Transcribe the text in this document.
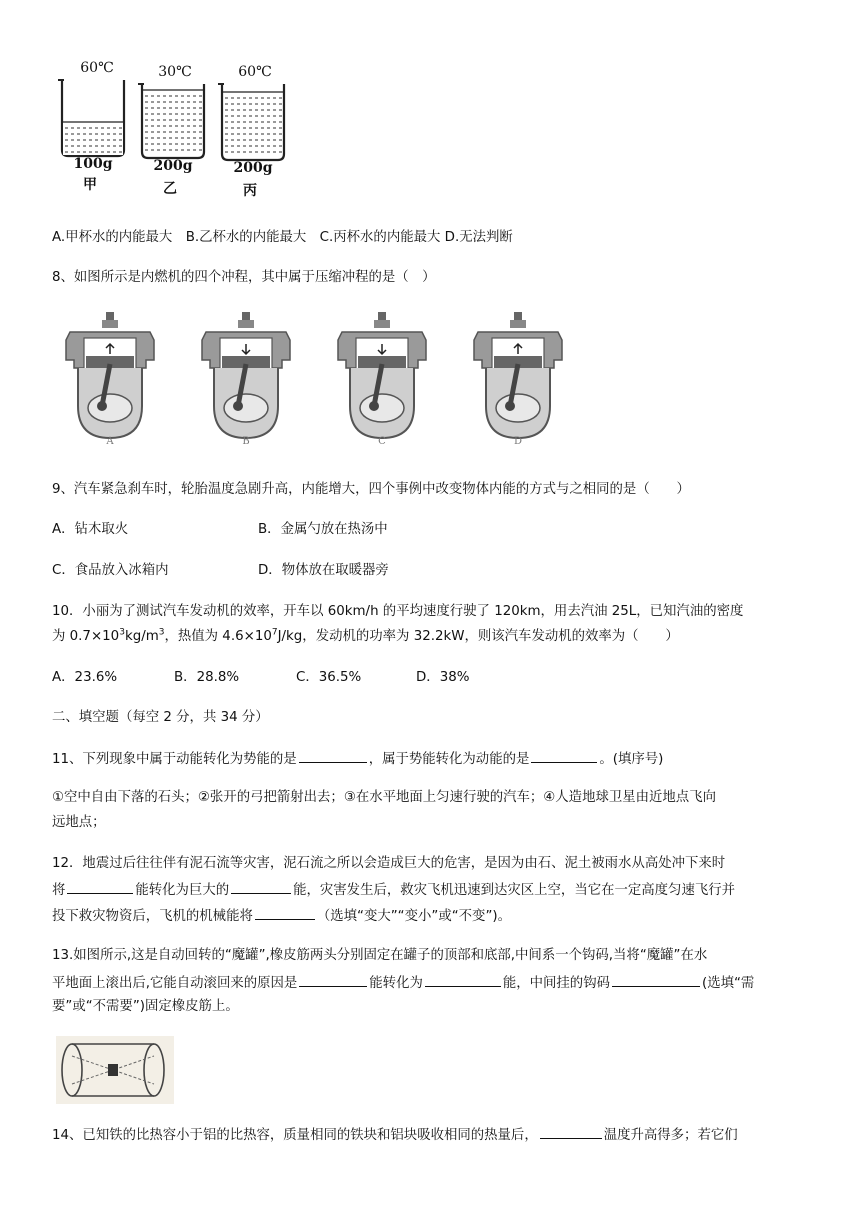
60℃	30℃	60℃
100g	200g	200g
甲	乙	丙
A.甲杯水的内能最大　B.乙杯水的内能最大　C.丙杯水的内能最大 D.无法判断
8、如图所示是内燃机的四个冲程，其中属于压缩冲程的是（　）
A	B	C	D
9、汽车紧急刹车时，轮胎温度急剧升高，内能增大，四个事例中改变物体内能的方式与之相同的是（　　）
A．钻木取火	B．金属勺放在热汤中
C．食品放入冰箱内	D．物体放在取暖器旁
10．小丽为了测试汽车发动机的效率，开车以 60km/h 的平均速度行驶了 120km，用去汽油 25L，已知汽油的密度
为 $0.7\times 10^3kg/m^3$，热值为 $4.6\times 10^7J/kg$，发动机的功率为 32.2kW，则该汽车发动机的效率为（　　）
A．23.6%	B．28.8%	C．36.5%	D．38%
二、填空题（每空 2 分，共 34 分）
11、下列现象中属于动能转化为势能的是	，属于势能转化为动能的是	。(填序号)
①空中自由下落的石头；②张开的弓把箭射出去；③在水平地面上匀速行驶的汽车；④人造地球卫星由近地点飞向
远地点；
12．地震过后往往伴有泥石流等灾害，泥石流之所以会造成巨大的危害，是因为由石、泥土被雨水从高处冲下来时
将	能转化为巨大的	能，灾害发生后，救灾飞机迅速到达灾区上空，当它在一定高度匀速飞行并
投下救灾物资后，飞机的机械能将	（选填“变大”“变小”或“不变”)。
13.如图所示,这是自动回转的“魔罐”,橡皮筋两头分别固定在罐子的顶部和底部,中间系一个钩码,当将“魔罐”在水
平地面上滚出后,它能自动滚回来的原因是	能转化为	能，中间挂的钩码	(选填“需
要”或“不需要”)固定橡皮筋上。
14、已知铁的比热容小于铝的比热容，质量相同的铁块和铝块吸收相同的热量后，	温度升高得多；若它们
